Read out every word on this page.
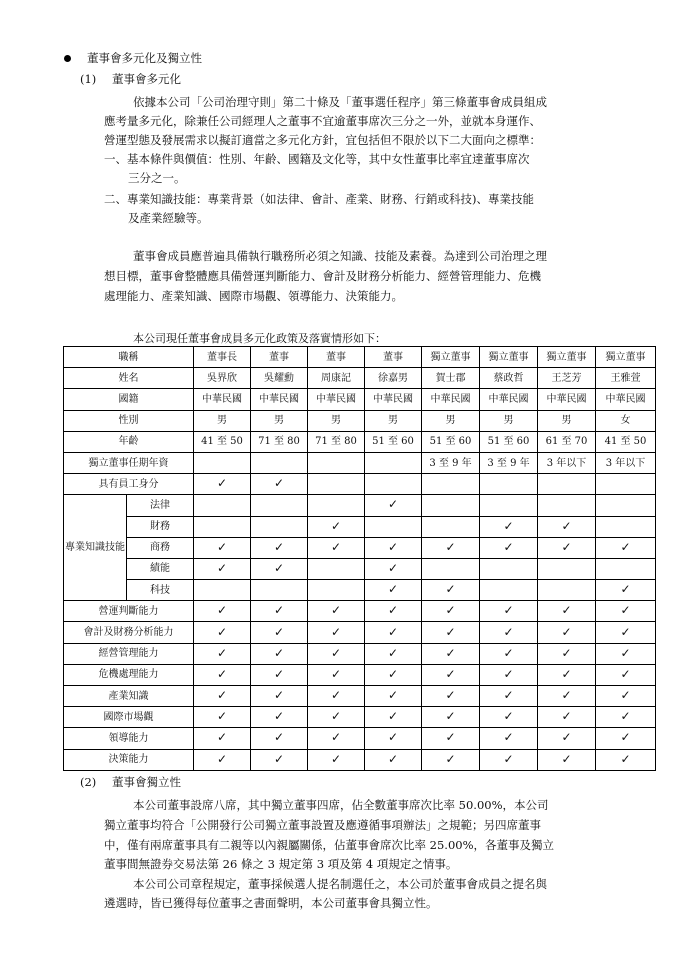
董事會多元化及獨立性
(1) 董事會多元化
依據本公司「公司治理守則」第二十條及「董事選任程序」第三條董事會成員組成
應考量多元化，除兼任公司經理人之董事不宜逾董事席次三分之一外，並就本身運作、
營運型態及發展需求以擬訂適當之多元化方針，宜包括但不限於以下二大面向之標準：
一、基本條件與價值：性別、年齡、國籍及文化等，其中女性董事比率宜達董事席次
三分之一。
二、專業知識技能：專業背景（如法律、會計、產業、財務、行銷或科技)、專業技能
及產業經驗等。
董事會成員應普遍具備執行職務所必須之知識、技能及素養。為達到公司治理之理
想目標，董事會整體應具備營運判斷能力、會計及財務分析能力、經營管理能力、危機
處理能力、產業知識、國際市場觀、領導能力、決策能力。
本公司現任董事會成員多元化政策及落實情形如下：
職稱		董事長	董事	董事	董事	獨立董事	獨立董事	獨立董事	獨立董事
姓名		吳界欣	吳耀勳	周康記	徐嘉男	賀士郡	蔡政哲	王芝芳	王雅萱
國籍		中華民國	中華民國	中華民國	中華民國	中華民國	中華民國	中華民國	中華民國
性別		男	男	男	男	男	男	男	女
年齡		41 至 50	71 至 80	71 至 80	51 至 60	51 至 60	51 至 60	61 至 70	41 至 50
獨立董事任期年資						3 至 9 年	3 至 9 年	3 年以下	3 年以下
具有員工身分		✓	✓						
專業知識技能	法律				✓				
	財務			✓			✓	✓	
	商務	✓	✓	✓	✓	✓	✓	✓	✓
	績能	✓	✓		✓				
	科技				✓	✓			✓
營運判斷能力		✓	✓	✓	✓	✓	✓	✓	✓
會計及財務分析能力		✓	✓	✓	✓	✓	✓	✓	✓
經營管理能力		✓	✓	✓	✓	✓	✓	✓	✓
危機處理能力		✓	✓	✓	✓	✓	✓	✓	✓
產業知識		✓	✓	✓	✓	✓	✓	✓	✓
國際市場觀		✓	✓	✓	✓	✓	✓	✓	✓
領導能力		✓	✓	✓	✓	✓	✓	✓	✓
決策能力		✓	✓	✓	✓	✓	✓	✓	✓
(2) 董事會獨立性
本公司董事設席八席，其中獨立董事四席，佔全數董事席次比率 50.00%，本公司
獨立董事均符合「公開發行公司獨立董事設置及應遵循事項辦法」之規範；另四席董事
中，僅有兩席董事具有二親等以內親屬關係，佔董事會席次比率 25.00%，各董事及獨立
董事間無證券交易法第 26 條之 3 規定第 3 項及第 4 項規定之情事。
本公司公司章程規定，董事採候選人提名制選任之，本公司於董事會成員之提名與
遴選時，皆已獲得每位董事之書面聲明，本公司董事會具獨立性。
